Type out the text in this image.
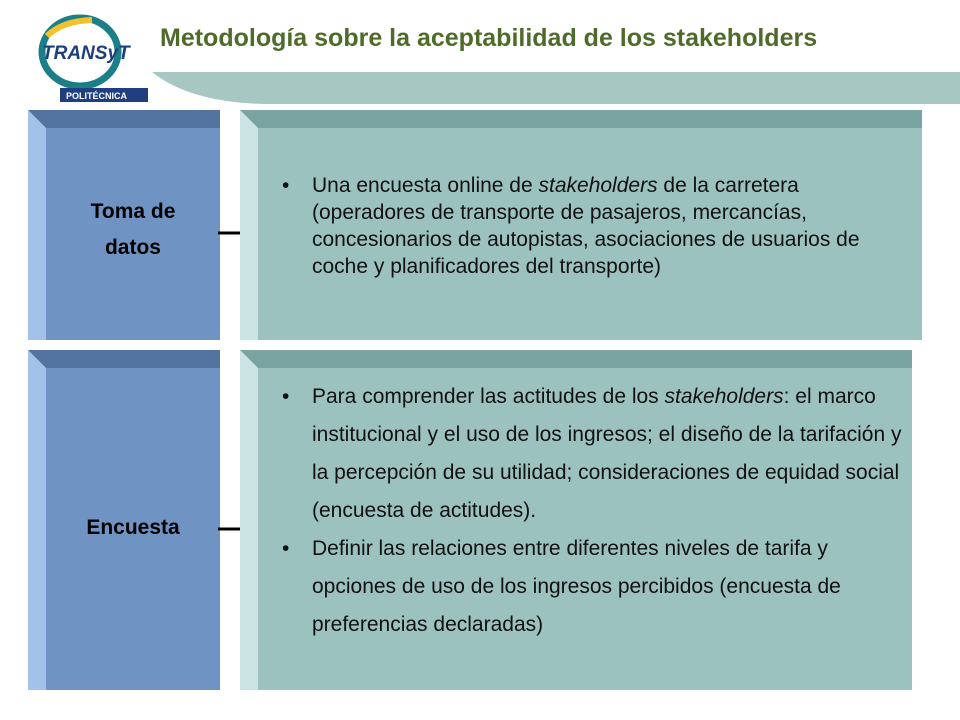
TRANSyT
POLITÉCNICA
Metodología sobre la aceptabilidad de los stakeholders
Toma de
datos
•	Una encuesta online de stakeholders de la carretera (operadores de transporte de pasajeros, mercancías, concesionarios de autopistas, asociaciones de usuarios de coche y planificadores del transporte)
Encuesta
•	Para comprender las actitudes de los stakeholders: el marco institucional y el uso de los ingresos; el diseño de la tarifación y la percepción de su utilidad; consideraciones de equidad social (encuesta de actitudes).
•	Definir las relaciones entre diferentes niveles de tarifa y opciones de uso de los ingresos percibidos (encuesta de preferencias declaradas)
